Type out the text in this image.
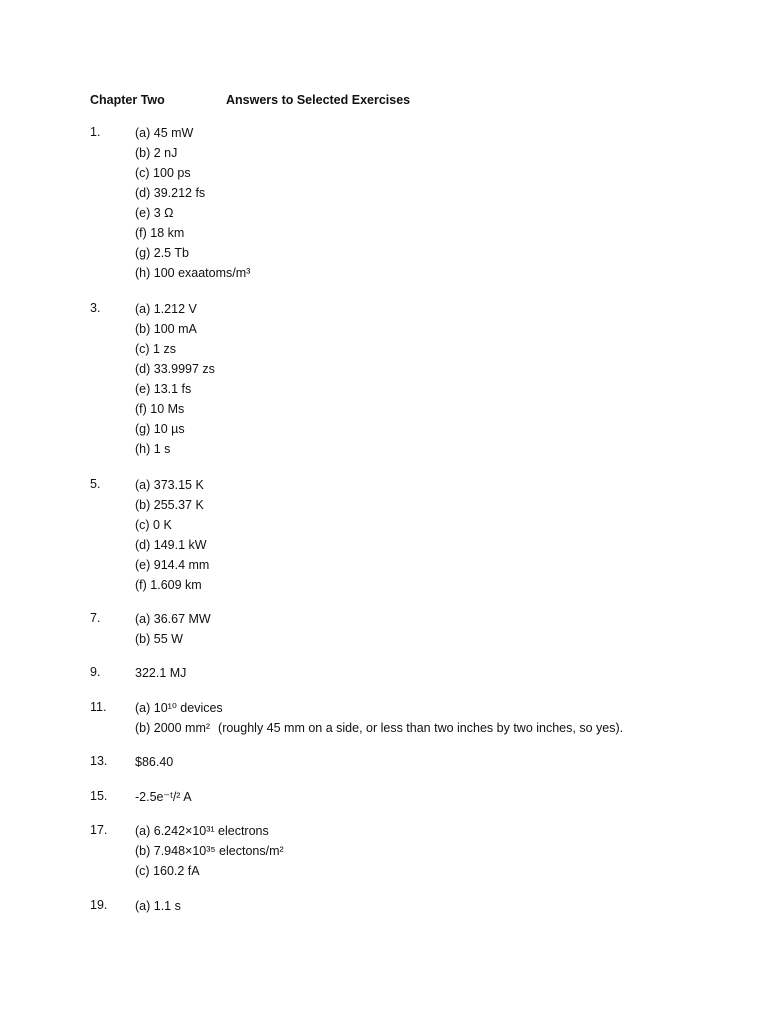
Chapter Two	Answers to Selected Exercises
1.	(a) 45 mW
(b) 2 nJ
(c) 100 ps
(d) 39.212 fs
(e) 3 Ω
(f) 18 km
(g) 2.5 Tb
(h) 100 exaatoms/m³
3.	(a) 1.212 V
(b) 100 mA
(c) 1 zs
(d) 33.9997 zs
(e) 13.1 fs
(f) 10 Ms
(g) 10 µs
(h) 1 s
5.	(a) 373.15 K
(b) 255.37 K
(c) 0 K
(d) 149.1 kW
(e) 914.4 mm
(f) 1.609 km
7.	(a) 36.67 MW
(b) 55 W
9.	322.1 MJ
11.	(a) 10¹⁰ devices
(b) 2000 mm² (roughly 45 mm on a side, or less than two inches by two inches, so yes).
13.	$86.40
15.	-2.5e⁻ᵗ/² A
17.	(a) 6.242×10³¹ electrons
(b) 7.948×10³⁵ electons/m²
(c) 160.2 fA
19.	(a) 1.1 s
